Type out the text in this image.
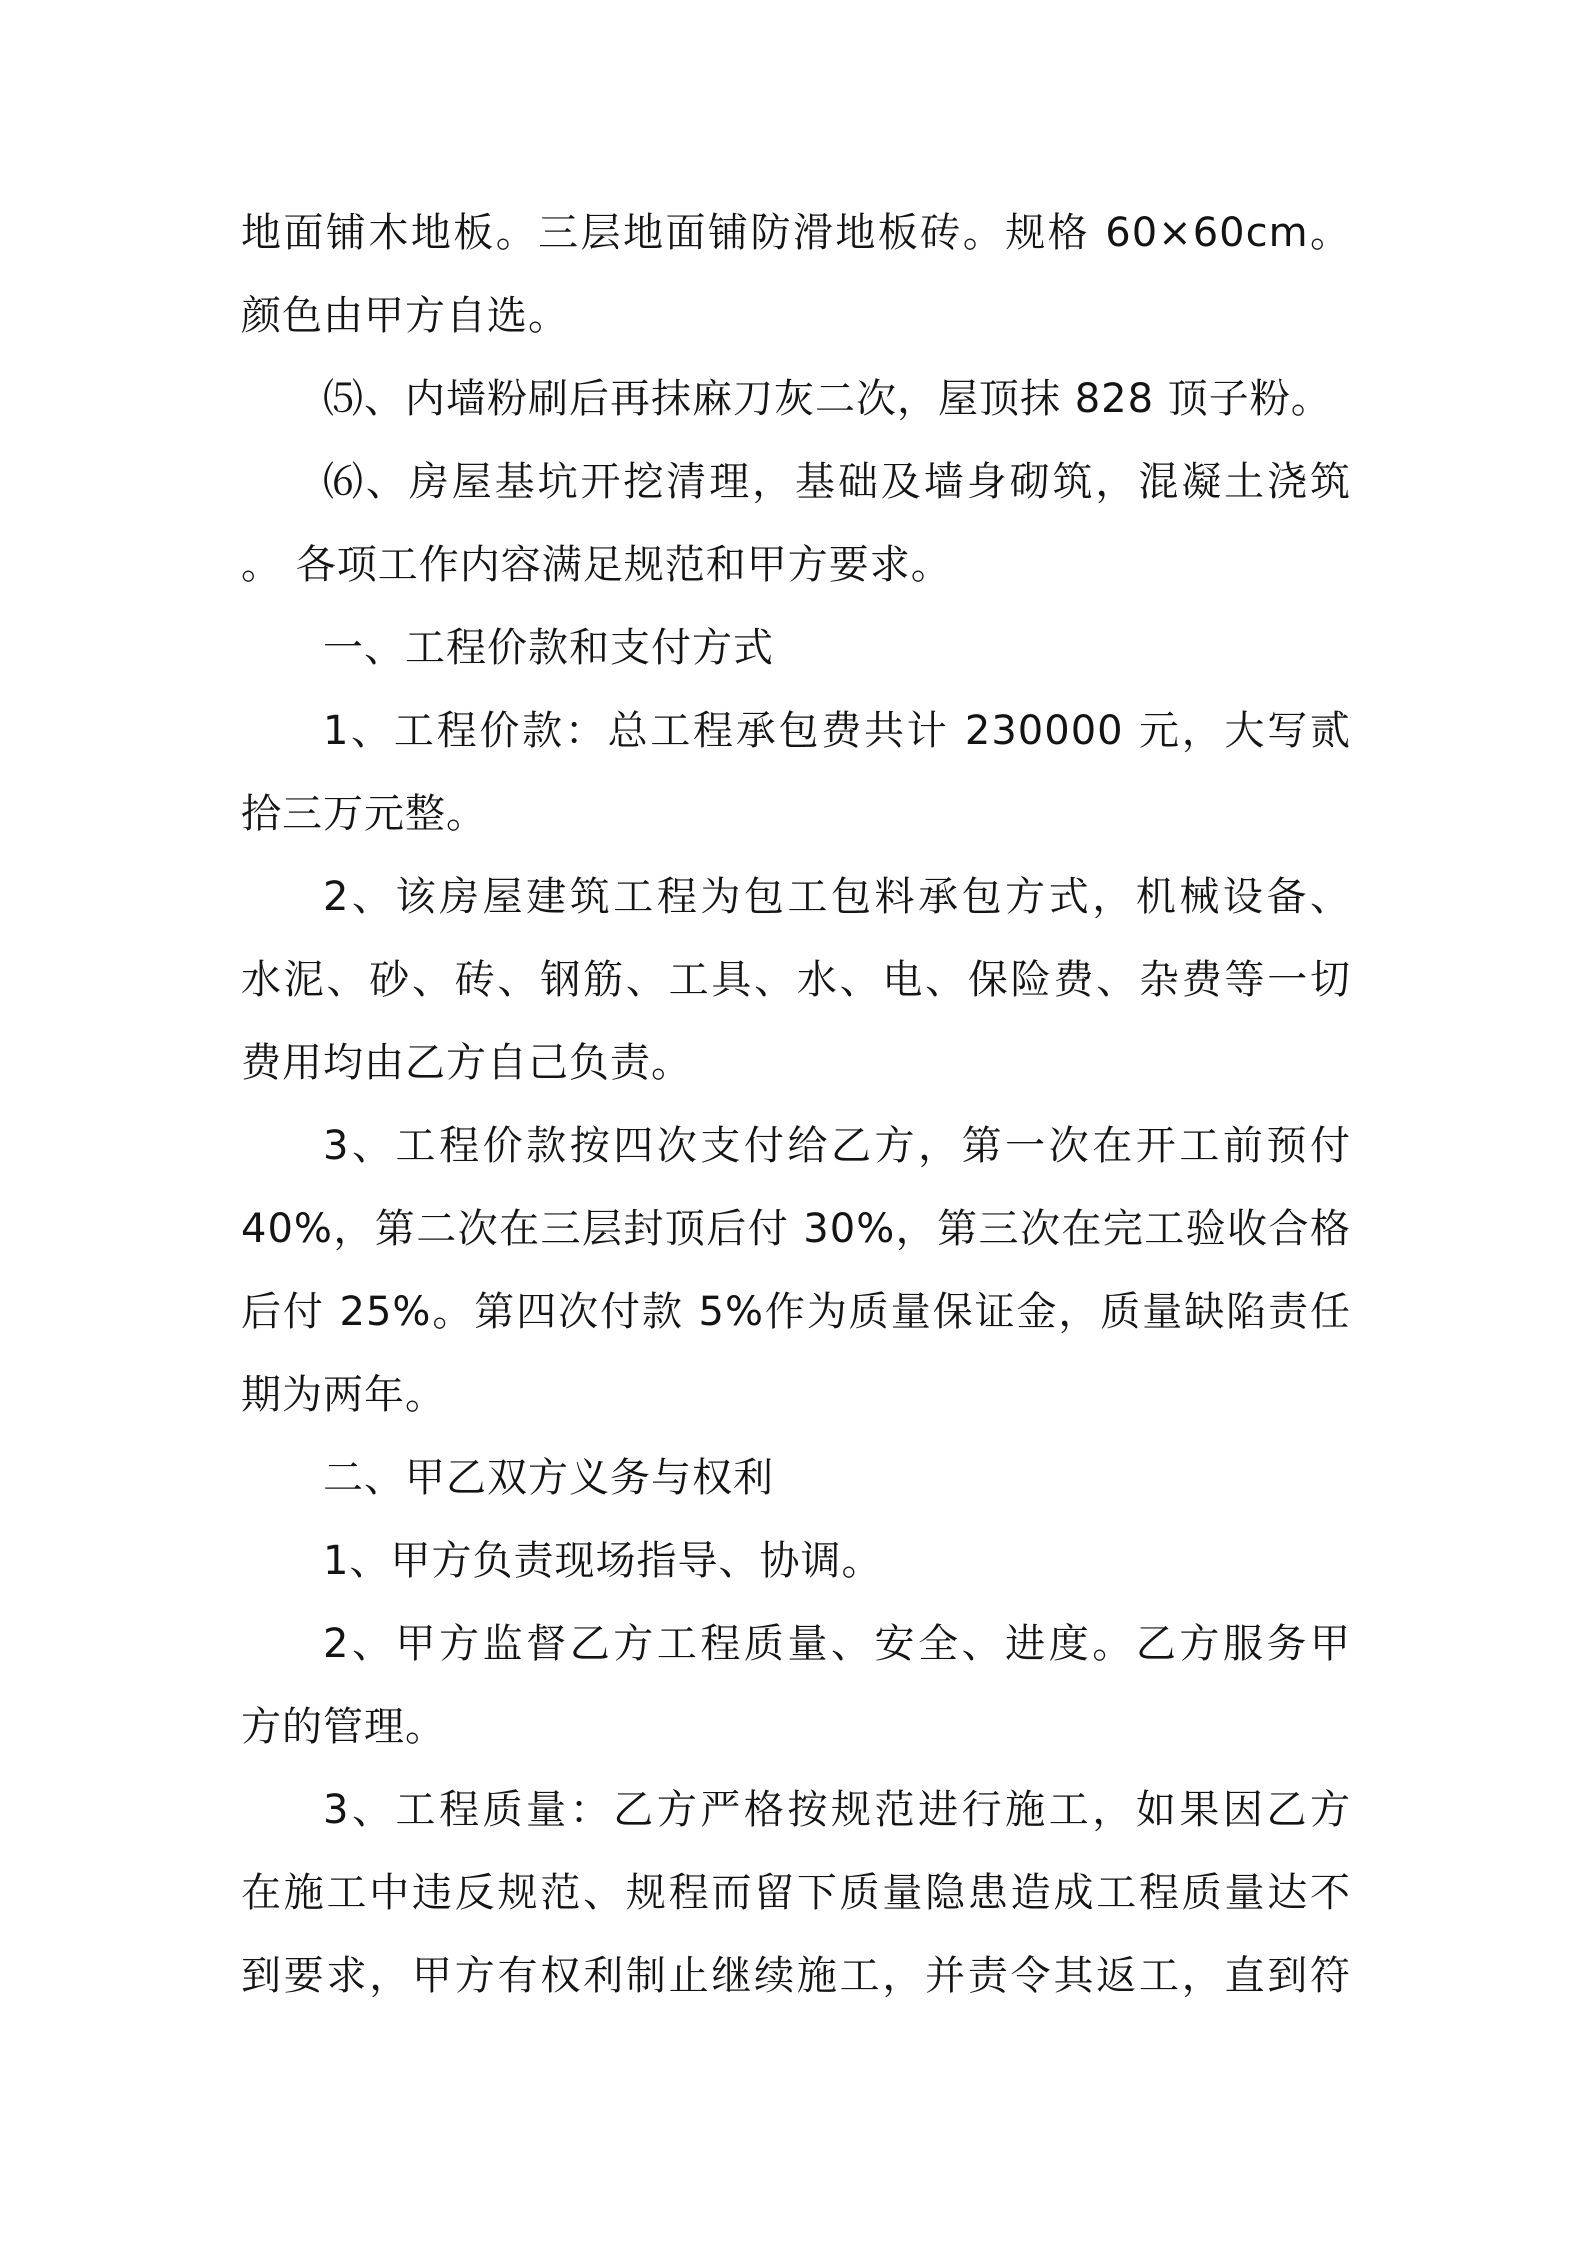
地面铺木地板。三层地面铺防滑地板砖。规格 60×60cm。
颜色由甲方自选。
⑸、内墙粉刷后再抹麻刀灰二次，屋顶抹 828 顶子粉。
⑹、房屋基坑开挖清理，基础及墙身砌筑，混凝土浇筑
。 各项工作内容满足规范和甲方要求。
一、工程价款和支付方式
1、工程价款：总工程承包费共计 230000 元，大写贰
拾三万元整。
2、该房屋建筑工程为包工包料承包方式，机械设备、
水泥、砂、砖、钢筋、工具、水、电、保险费、杂费等一切
费用均由乙方自己负责。
3、工程价款按四次支付给乙方，第一次在开工前预付
40%，第二次在三层封顶后付 30%，第三次在完工验收合格
后付 25%。第四次付款 5%作为质量保证金，质量缺陷责任
期为两年。
二、甲乙双方义务与权利
1、甲方负责现场指导、协调。
2、甲方监督乙方工程质量、安全、进度。乙方服务甲
方的管理。
3、工程质量：乙方严格按规范进行施工，如果因乙方
在施工中违反规范、规程而留下质量隐患造成工程质量达不
到要求，甲方有权利制止继续施工，并责令其返工，直到符
